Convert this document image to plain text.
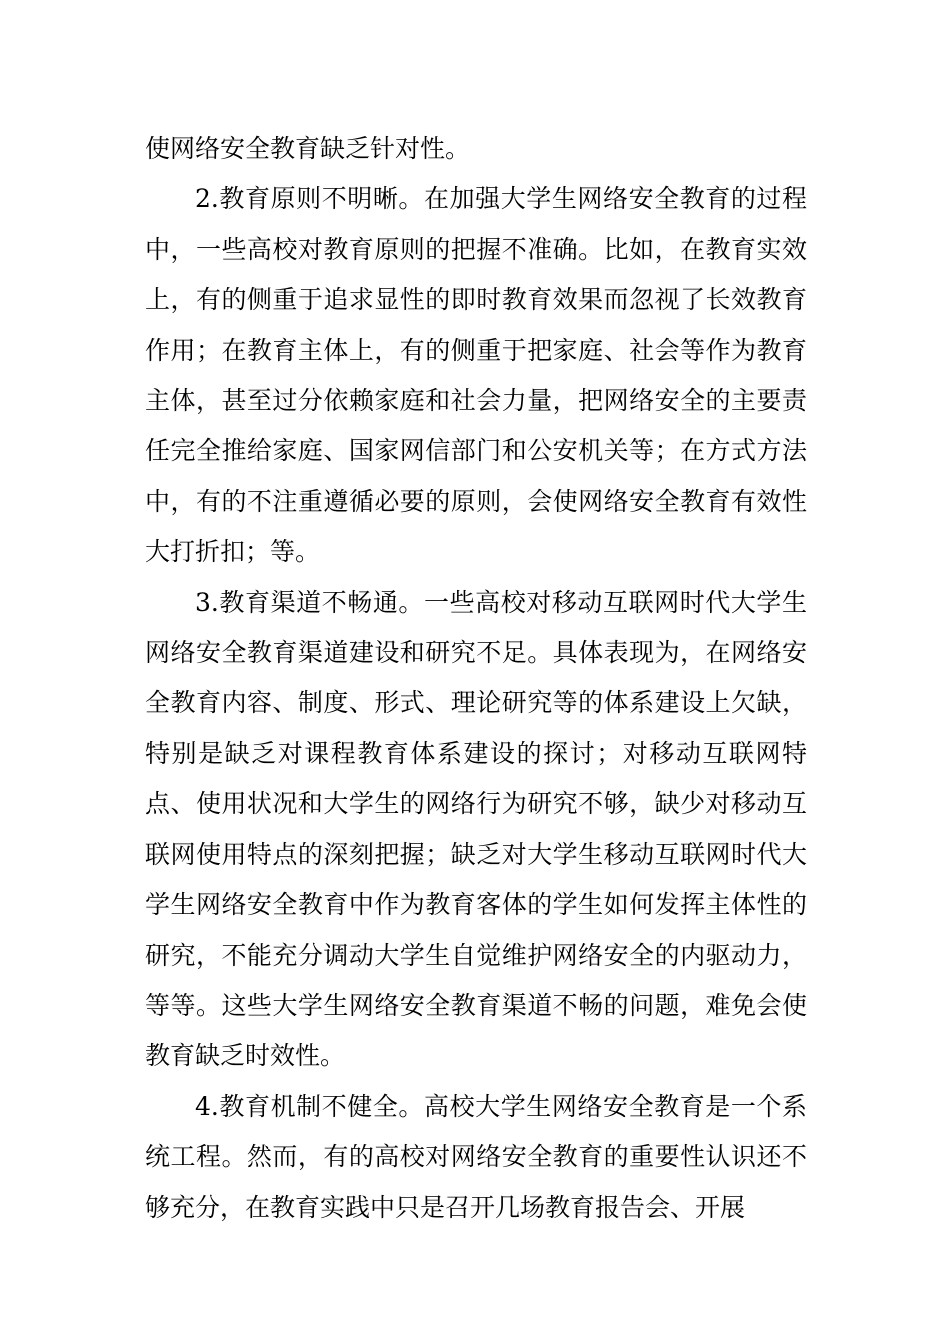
使网络安全教育缺乏针对性。

2.教育原则不明晰。在加强大学生网络安全教育的过程中，一些高校对教育原则的把握不准确。比如，在教育实效上，有的侧重于追求显性的即时教育效果而忽视了长效教育作用；在教育主体上，有的侧重于把家庭、社会等作为教育主体，甚至过分依赖家庭和社会力量，把网络安全的主要责任完全推给家庭、国家网信部门和公安机关等；在方式方法中，有的不注重遵循必要的原则，会使网络安全教育有效性大打折扣；等。

3.教育渠道不畅通。一些高校对移动互联网时代大学生网络安全教育渠道建设和研究不足。具体表现为，在网络安全教育内容、制度、形式、理论研究等的体系建设上欠缺，特别是缺乏对课程教育体系建设的探讨；对移动互联网特点、使用状况和大学生的网络行为研究不够，缺少对移动互联网使用特点的深刻把握；缺乏对大学生移动互联网时代大学生网络安全教育中作为教育客体的学生如何发挥主体性的研究，不能充分调动大学生自觉维护网络安全的内驱动力，等等。这些大学生网络安全教育渠道不畅的问题，难免会使教育缺乏时效性。

4.教育机制不健全。高校大学生网络安全教育是一个系统工程。然而，有的高校对网络安全教育的重要性认识还不够充分，在教育实践中只是召开几场教育报告会、开展
